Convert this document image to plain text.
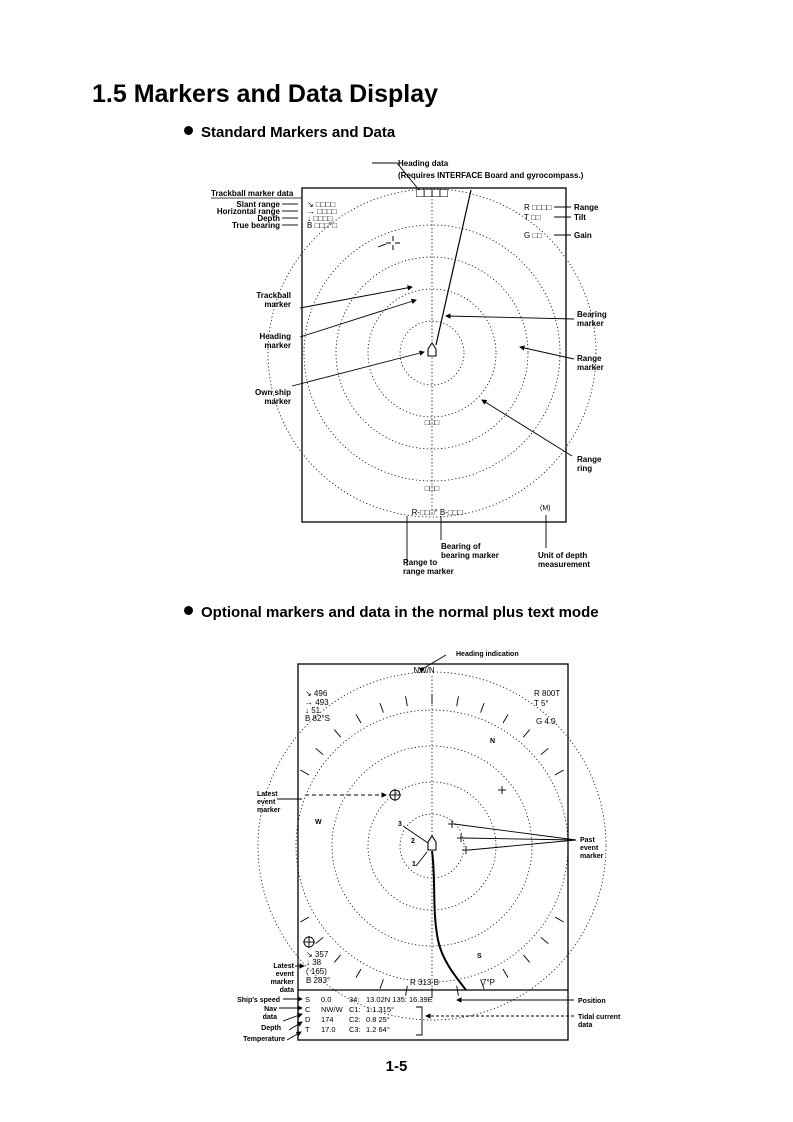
1.5 Markers and Data Display
Standard Markers and Data
Optional markers and data in the normal plus text mode
Heading data
(Requires INTERFACE Board and gyrocompass.)
Trackball marker data
Slant range
Horizontal range
Depth
True bearing
↘ □□□□
→ □□□□
↓ □□□□
B □□□°□
□□□□
R □□□□
T □□
G □□
Range
Tilt
Gain
□□□
□□□
R-□□□° B-□□□	(M)
Trackball
marker
Heading
marker
Own ship
marker
Bearing
marker
Range
marker
Range
ring
Bearing of
bearing marker
Range to
range marker
Unit of depth
measurement
Heading indication
NW/N
↘ 496
→ 493
↓ 51
B 82°S
R 800T
T 5°
G 4.0
N
S
W	3
2
1
Latest
event
marker
Past
event
marker
Latest
event
marker
data
↘ 357
↓ 38
( 165)
B 283°	R 313 B	7°P
Ship's speed
Nav
data
Depth
Temperature
Position
Tidal current
data
S 0.0 34: 13.02N 135: 16.39E
C NW/W C1: 1.1 315°
D 174 C2: 0.8 25°
T 17.0 C3: 1.2 64°
1-5
